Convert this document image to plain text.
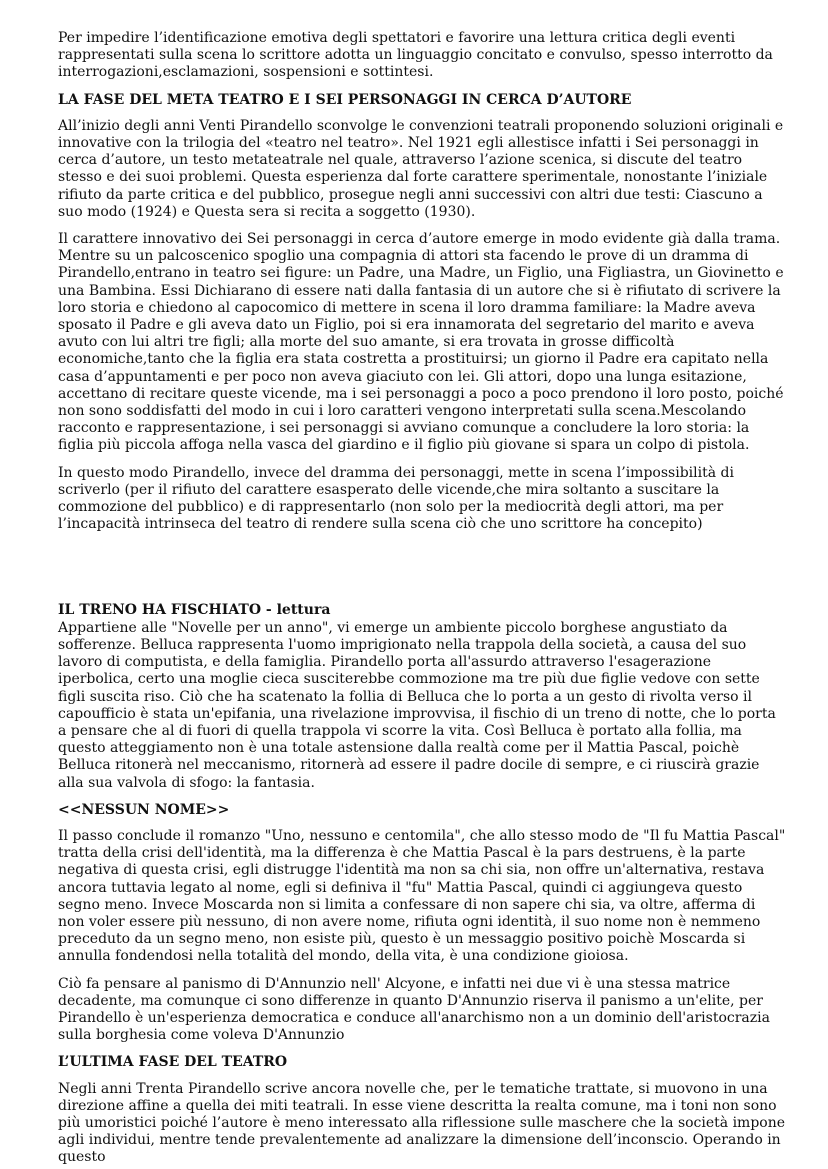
Per impedire l’identificazione emotiva degli spettatori e favorire una lettura critica degli eventi rappresentati sulla scena lo scrittore adotta un linguaggio concitato e convulso, spesso interrotto da interrogazioni,esclamazioni, sospensioni e sottintesi.

LA FASE DEL META TEATRO E I SEI PERSONAGGI IN CERCA D’AUTORE

All’inizio degli anni Venti Pirandello sconvolge le convenzioni teatrali proponendo soluzioni originali e innovative con la trilogia del «teatro nel teatro». Nel 1921 egli allestisce infatti i Sei personaggi in cerca d’autore, un testo metateatrale nel quale, attraverso l’azione scenica, si discute del teatro stesso e dei suoi problemi. Questa esperienza dal forte carattere sperimentale, nonostante l’iniziale rifiuto da parte critica e del pubblico, prosegue negli anni successivi con altri due testi: Ciascuno a suo modo (1924) e Questa sera si recita a soggetto (1930).

Il carattere innovativo dei Sei personaggi in cerca d’autore emerge in modo evidente già dalla trama. Mentre su un palcoscenico spoglio una compagnia di attori sta facendo le prove di un dramma di Pirandello,entrano in teatro sei figure: un Padre, una Madre, un Figlio, una Figliastra, un Giovinetto e una Bambina. Essi Dichiarano di essere nati dalla fantasia di un autore che si è rifiutato di scrivere la loro storia e chiedono al capocomico di mettere in scena il loro dramma familiare: la Madre aveva sposato il Padre e gli aveva dato un Figlio, poi si era innamorata del segretario del marito e aveva avuto con lui altri tre figli; alla morte del suo amante, si era trovata in grosse difficoltà economiche,tanto che la figlia era stata costretta a prostituirsi; un giorno il Padre era capitato nella casa d’appuntamenti e per poco non aveva giaciuto con lei. Gli attori, dopo una lunga esitazione, accettano di recitare queste vicende, ma i sei personaggi a poco a poco prendono il loro posto, poiché non sono soddisfatti del modo in cui i loro caratteri vengono interpretati sulla scena.Mescolando racconto e rappresentazione, i sei personaggi si avviano comunque a concludere la loro storia: la figlia più piccola affoga nella vasca del giardino e il figlio più giovane si spara un colpo di pistola.

In questo modo Pirandello, invece del dramma dei personaggi, mette in scena l’impossibilità di scriverlo (per il rifiuto del carattere esasperato delle vicende,che mira soltanto a suscitare la commozione del pubblico) e di rappresentarlo (non solo per la mediocrità degli attori, ma per l’incapacità intrinseca del teatro di rendere sulla scena ciò che uno scrittore ha concepito)

IL TRENO HA FISCHIATO - lettura

Appartiene alle "Novelle per un anno", vi emerge un ambiente piccolo borghese angustiato da sofferenze. Belluca rappresenta l'uomo imprigionato nella trappola della società, a causa del suo lavoro di computista, e della famiglia. Pirandello porta all'assurdo attraverso l'esagerazione iperbolica, certo una moglie cieca susciterebbe commozione ma tre più due figlie vedove con sette figli suscita riso. Ciò che ha scatenato la follia di Belluca che lo porta a un gesto di rivolta verso il capoufficio è stata un'epifania, una rivelazione improvvisa, il fischio di un treno di notte, che lo porta a pensare che al di fuori di quella trappola vi scorre la vita. Così Belluca è portato alla follia, ma questo atteggiamento non è una totale astensione dalla realtà come per il Mattia Pascal, poichè Belluca ritonerà nel meccanismo, ritornerà ad essere il padre docile di sempre, e ci riuscirà grazie alla sua valvola di sfogo: la fantasia.

<<NESSUN NOME>>

Il passo conclude il romanzo "Uno, nessuno e centomila", che allo stesso modo de "Il fu Mattia Pascal" tratta della crisi dell'identità, ma la differenza è che Mattia Pascal è la pars destruens, è la parte negativa di questa crisi, egli distrugge l'identità ma non sa chi sia, non offre un'alternativa, restava ancora tuttavia legato al nome, egli si definiva il "fu" Mattia Pascal, quindi ci aggiungeva questo segno meno. Invece Moscarda non si limita a confessare di non sapere chi sia, va oltre, afferma di non voler essere più nessuno, di non avere nome, rifiuta ogni identità, il suo nome non è nemmeno preceduto da un segno meno, non esiste più, questo è un messaggio positivo poichè Moscarda si annulla fondendosi nella totalità del mondo, della vita, è una condizione gioiosa.

Ciò fa pensare al panismo di D'Annunzio nell' Alcyone, e infatti nei due vi è una stessa matrice decadente, ma comunque ci sono differenze in quanto D'Annunzio riserva il panismo a un'elite, per Pirandello è un'esperienza democratica e conduce all'anarchismo non a un dominio dell'aristocrazia sulla borghesia come voleva D'Annunzio

L’ULTIMA FASE DEL TEATRO

Negli anni Trenta Pirandello scrive ancora novelle che, per le tematiche trattate, si muovono in una direzione affine a quella dei miti teatrali. In esse viene descritta la realta comune, ma i toni non sono più umoristici poiché l’autore è meno interessato alla riflessione sulle maschere che la società impone agli individui, mentre tende prevalentemente ad analizzare la dimensione dell’inconscio. Operando in questo
